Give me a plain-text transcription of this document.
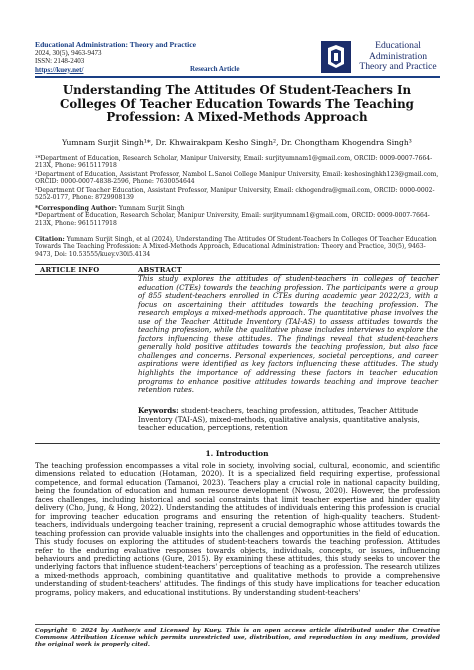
Educational Administration: Theory and Practice
2024, 30(5), 9463-9473
ISSN: 2148-2403
https://kuey.net/	Research Article
Educational
Administration
Theory and Practice
Understanding The Attitudes Of Student-Teachers In Colleges Of Teacher Education Towards The Teaching Profession: A Mixed-Methods Approach
Yumnam Surjit Singh¹*, Dr. Khwairakpam Kesho Singh², Dr. Chongtham Khogendra Singh³

¹*Department of Education, Research Scholar, Manipur University, Email: surjityumnam1@gmail.com, ORCID: 0009-0007-7664-213X, Phone: 9615117918

²Department of Education, Assistant Professor, Nambol L.Sanoi College Manipur University, Email: keshosinghkh123@gmail.com, ORCID: 0000-0007-4838-2596, Phone: 7630054644

³Department Of Teacher Education, Assistant Professor, Manipur University, Email: ckhogendra@gmail.com, ORCID: 0000-0002-5252-0177, Phone: 8729908139

*Corresponding Author: Yumnam Surjit Singh
*Department of Education, Research Scholar, Manipur University, Email: surjityumnam1@gmail.com, ORCID: 0009-0007-7664-213X, Phone: 9615117918
Citation: Yumnam Surjit Singh, et al (2024), Understanding The Attitudes Of Student-Teachers In Colleges Of Teacher Education Towards The Teaching Profession: A Mixed-Methods Approach, Educational Administration: Theory and Practice, 30(5), 9463-9473, Doi: 10.53555/kuey.v30i5.4134
ARTICLE INFO	ABSTRACT
This study explores the attitudes of student-teachers in colleges of teacher education (CTEs) towards the teaching profession. The participants were a group of 855 student-teachers enrolled in CTEs during academic year 2022/23, with a focus on ascertaining their attitudes towards the teaching profession. The research employs a mixed-methods approach. The quantitative phase involves the use of the Teacher Attitude Inventory (TAI-AS) to assess attitudes towards the teaching profession, while the qualitative phase includes interviews to explore the factors influencing these attitudes. The findings reveal that student-teachers generally hold positive attitudes towards the teaching profession, but also face challenges and concerns. Personal experiences, societal perceptions, and career aspirations were identified as key factors influencing these attitudes. The study highlights the importance of addressing these factors in teacher education programs to enhance positive attitudes towards teaching and improve teacher retention rates.
Keywords: student-teachers, teaching profession, attitudes, Teacher Attitude Inventory (TAI-AS), mixed-methods, qualitative analysis, quantitative analysis, teacher education, perceptions, retention
1. Introduction
The teaching profession encompasses a vital role in society, involving social, cultural, economic, and scientific dimensions related to education (Hotaman, 2020). It is a specialized field requiring expertise, professional competence, and formal education (Tamanoi, 2023). Teachers play a crucial role in national capacity building, being the foundation of education and human resource development (Nwosu, 2020). However, the profession faces challenges, including historical and social constraints that limit teacher expertise and hinder quality delivery (Cho, Jung, & Hong, 2022). Understanding the attitudes of individuals entering this profession is crucial for improving teacher education programs and ensuring the retention of high-quality teachers. Student-teachers, individuals undergoing teacher training, represent a crucial demographic whose attitudes towards the teaching profession can provide valuable insights into the challenges and opportunities in the field of education. This study focuses on exploring the attitudes of student-teachers towards the teaching profession. Attitudes refer to the enduring evaluative responses towards objects, individuals, concepts, or issues, influencing behaviours and predicting actions (Gure, 2015). By examining these attitudes, this study seeks to uncover the underlying factors that influence student-teachers' perceptions of teaching as a profession. The research utilizes a mixed-methods approach, combining quantitative and qualitative methods to provide a comprehensive understanding of student-teachers' attitudes. The findings of this study have implications for teacher education programs, policy makers, and educational institutions. By understanding student-teachers'
Copyright © 2024 by Author/s and Licensed by Kuey. This is an open access article distributed under the Creative Commons Attribution License which permits unrestricted use, distribution, and reproduction in any medium, provided the original work is properly cited.
